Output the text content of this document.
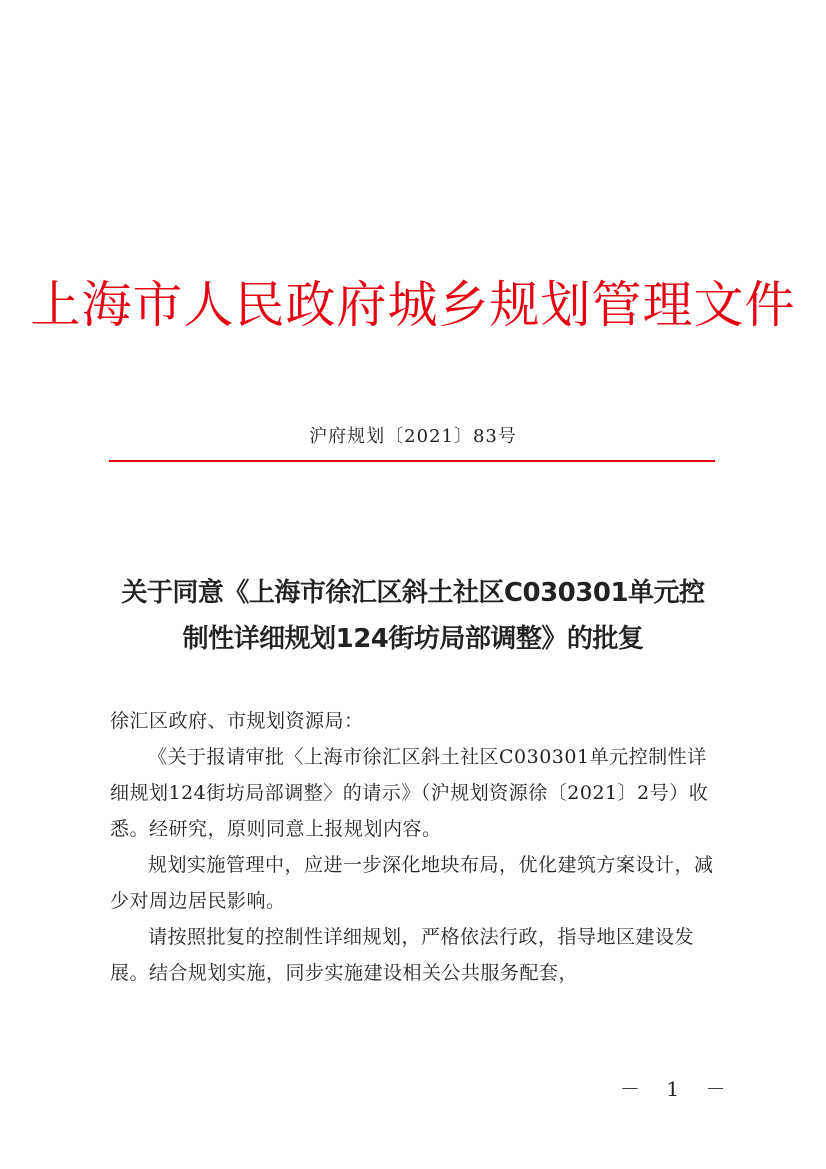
上海市人民政府城乡规划管理文件
沪府规划〔2021〕83号
关于同意《上海市徐汇区斜土社区C030301单元控
制性详细规划124街坊局部调整》的批复

徐汇区政府、市规划资源局：

《关于报请审批〈上海市徐汇区斜土社区C030301单元控制性详细规划124街坊局部调整〉的请示》（沪规划资源徐〔2021〕2号）收悉。经研究，原则同意上报规划内容。

规划实施管理中，应进一步深化地块布局，优化建筑方案设计，减少对周边居民影响。

请按照批复的控制性详细规划，严格依法行政，指导地区建设发展。结合规划实施，同步实施建设相关公共服务配套，

－ 1 －
